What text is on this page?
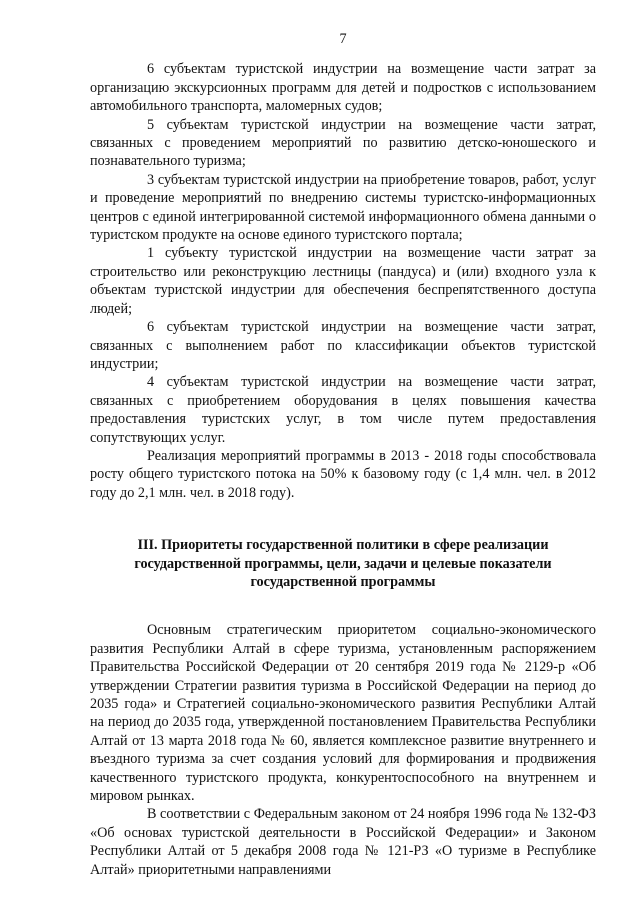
7

6 субъектам туристской индустрии на возмещение части затрат за организацию экскурсионных программ для детей и подростков с использованием автомобильного транспорта, маломерных судов;

5 субъектам туристской индустрии на возмещение части затрат, связанных с проведением мероприятий по развитию детско-юношеского и познавательного туризма;

3 субъектам туристской индустрии на приобретение товаров, работ, услуг и проведение мероприятий по внедрению системы туристско-информационных центров с единой интегрированной системой информационного обмена данными о туристском продукте на основе единого туристского портала;

1 субъекту туристской индустрии на возмещение части затрат за строительство или реконструкцию лестницы (пандуса) и (или) входного узла к объектам туристской индустрии для обеспечения беспрепятственного доступа людей;

6 субъектам туристской индустрии на возмещение части затрат, связанных с выполнением работ по классификации объектов туристской индустрии;

4 субъектам туристской индустрии на возмещение части затрат, связанных с приобретением оборудования в целях повышения качества предоставления туристских услуг, в том числе путем предоставления сопутствующих услуг.

Реализация мероприятий программы в 2013 - 2018 годы способствовала росту общего туристского потока на 50% к базовому году (с 1,4 млн. чел. в 2012 году до 2,1 млн. чел. в 2018 году).

III. Приоритеты государственной политики в сфере реализации государственной программы, цели, задачи и целевые показатели государственной программы

Основным стратегическим приоритетом социально-экономического развития Республики Алтай в сфере туризма, установленным распоряжением Правительства Российской Федерации от 20 сентября 2019 года № 2129-р «Об утверждении Стратегии развития туризма в Российской Федерации на период до 2035 года» и Стратегией социально-экономического развития Республики Алтай на период до 2035 года, утвержденной постановлением Правительства Республики Алтай от 13 марта 2018 года № 60, является комплексное развитие внутреннего и въездного туризма за счет создания условий для формирования и продвижения качественного туристского продукта, конкурентоспособного на внутреннем и мировом рынках.

В соответствии с Федеральным законом от 24 ноября 1996 года № 132-ФЗ «Об основах туристской деятельности в Российской Федерации» и Законом Республики Алтай от 5 декабря 2008 года № 121-РЗ «О туризме в Республике Алтай» приоритетными направлениями
